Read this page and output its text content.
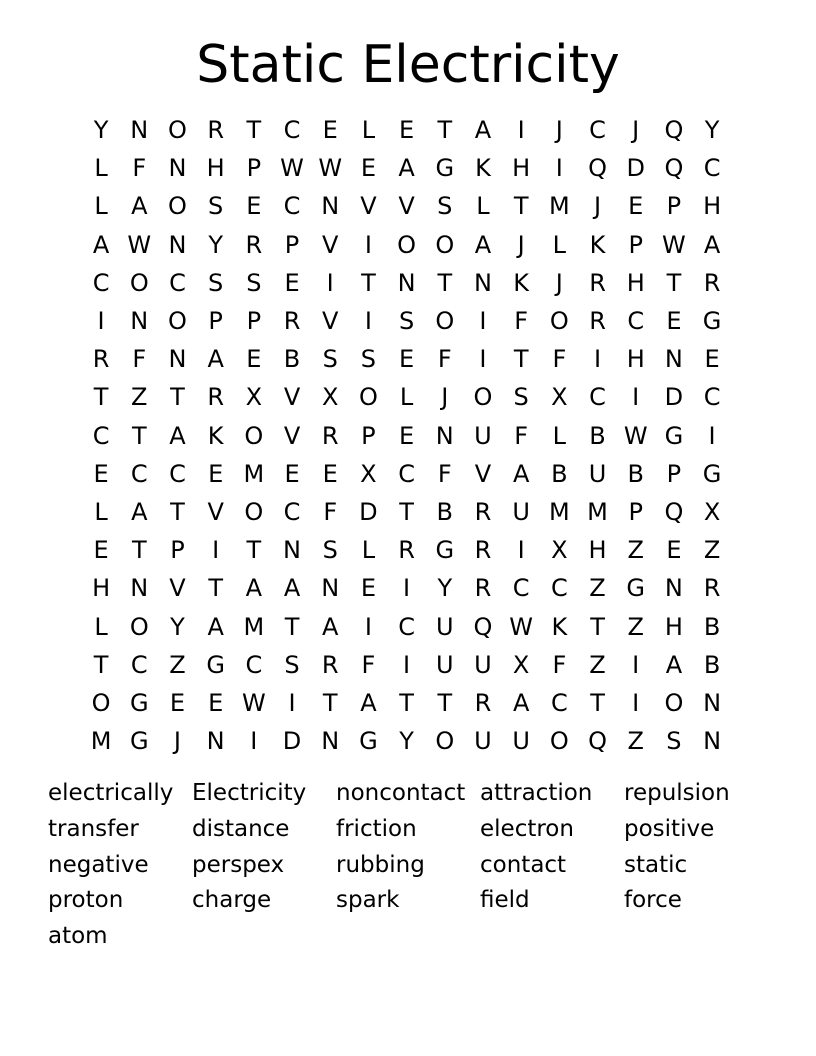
Static Electricity
Y N O R T C E L E T A	I	J	C	J	Q Y
L	F N H P W W E A G K H	I	Q D Q C
L A O S E C N V V S L	T M	J	E P H
A W N Y R P V	I	O O A	J	L K P W A
C O C S S E	I	T N T N K	J	R H T R
I	N O P P R V	I	S O	I	F O R C E G
R F N A E B S S E F	I	T F	I	H N E
T Z T R X V X O L	J	O S X C	I	D C
C T A K O V R P E N U F	L B W G	I
E C C E M E E X C F V A B U B P G
L A T V O C F D T B R U M M P Q X
E T P	I	T N S L R G R	I	X H Z E Z
H N V T A A N E	I	Y R C C Z G N R
L O Y A M T A	I	C U Q W K T Z H B
T C Z G C S R F	I	U U X F Z	I	A B
O G E E W I	T A T T R A C T	I	O N
M G	J	N	I	D N G Y O U U O Q Z S N
electrically Electricity	noncontact attraction	repulsion
transfer	distance	friction	electron	positive
negative	perspex	rubbing	contact	static
proton	charge	spark	field	force
atom
